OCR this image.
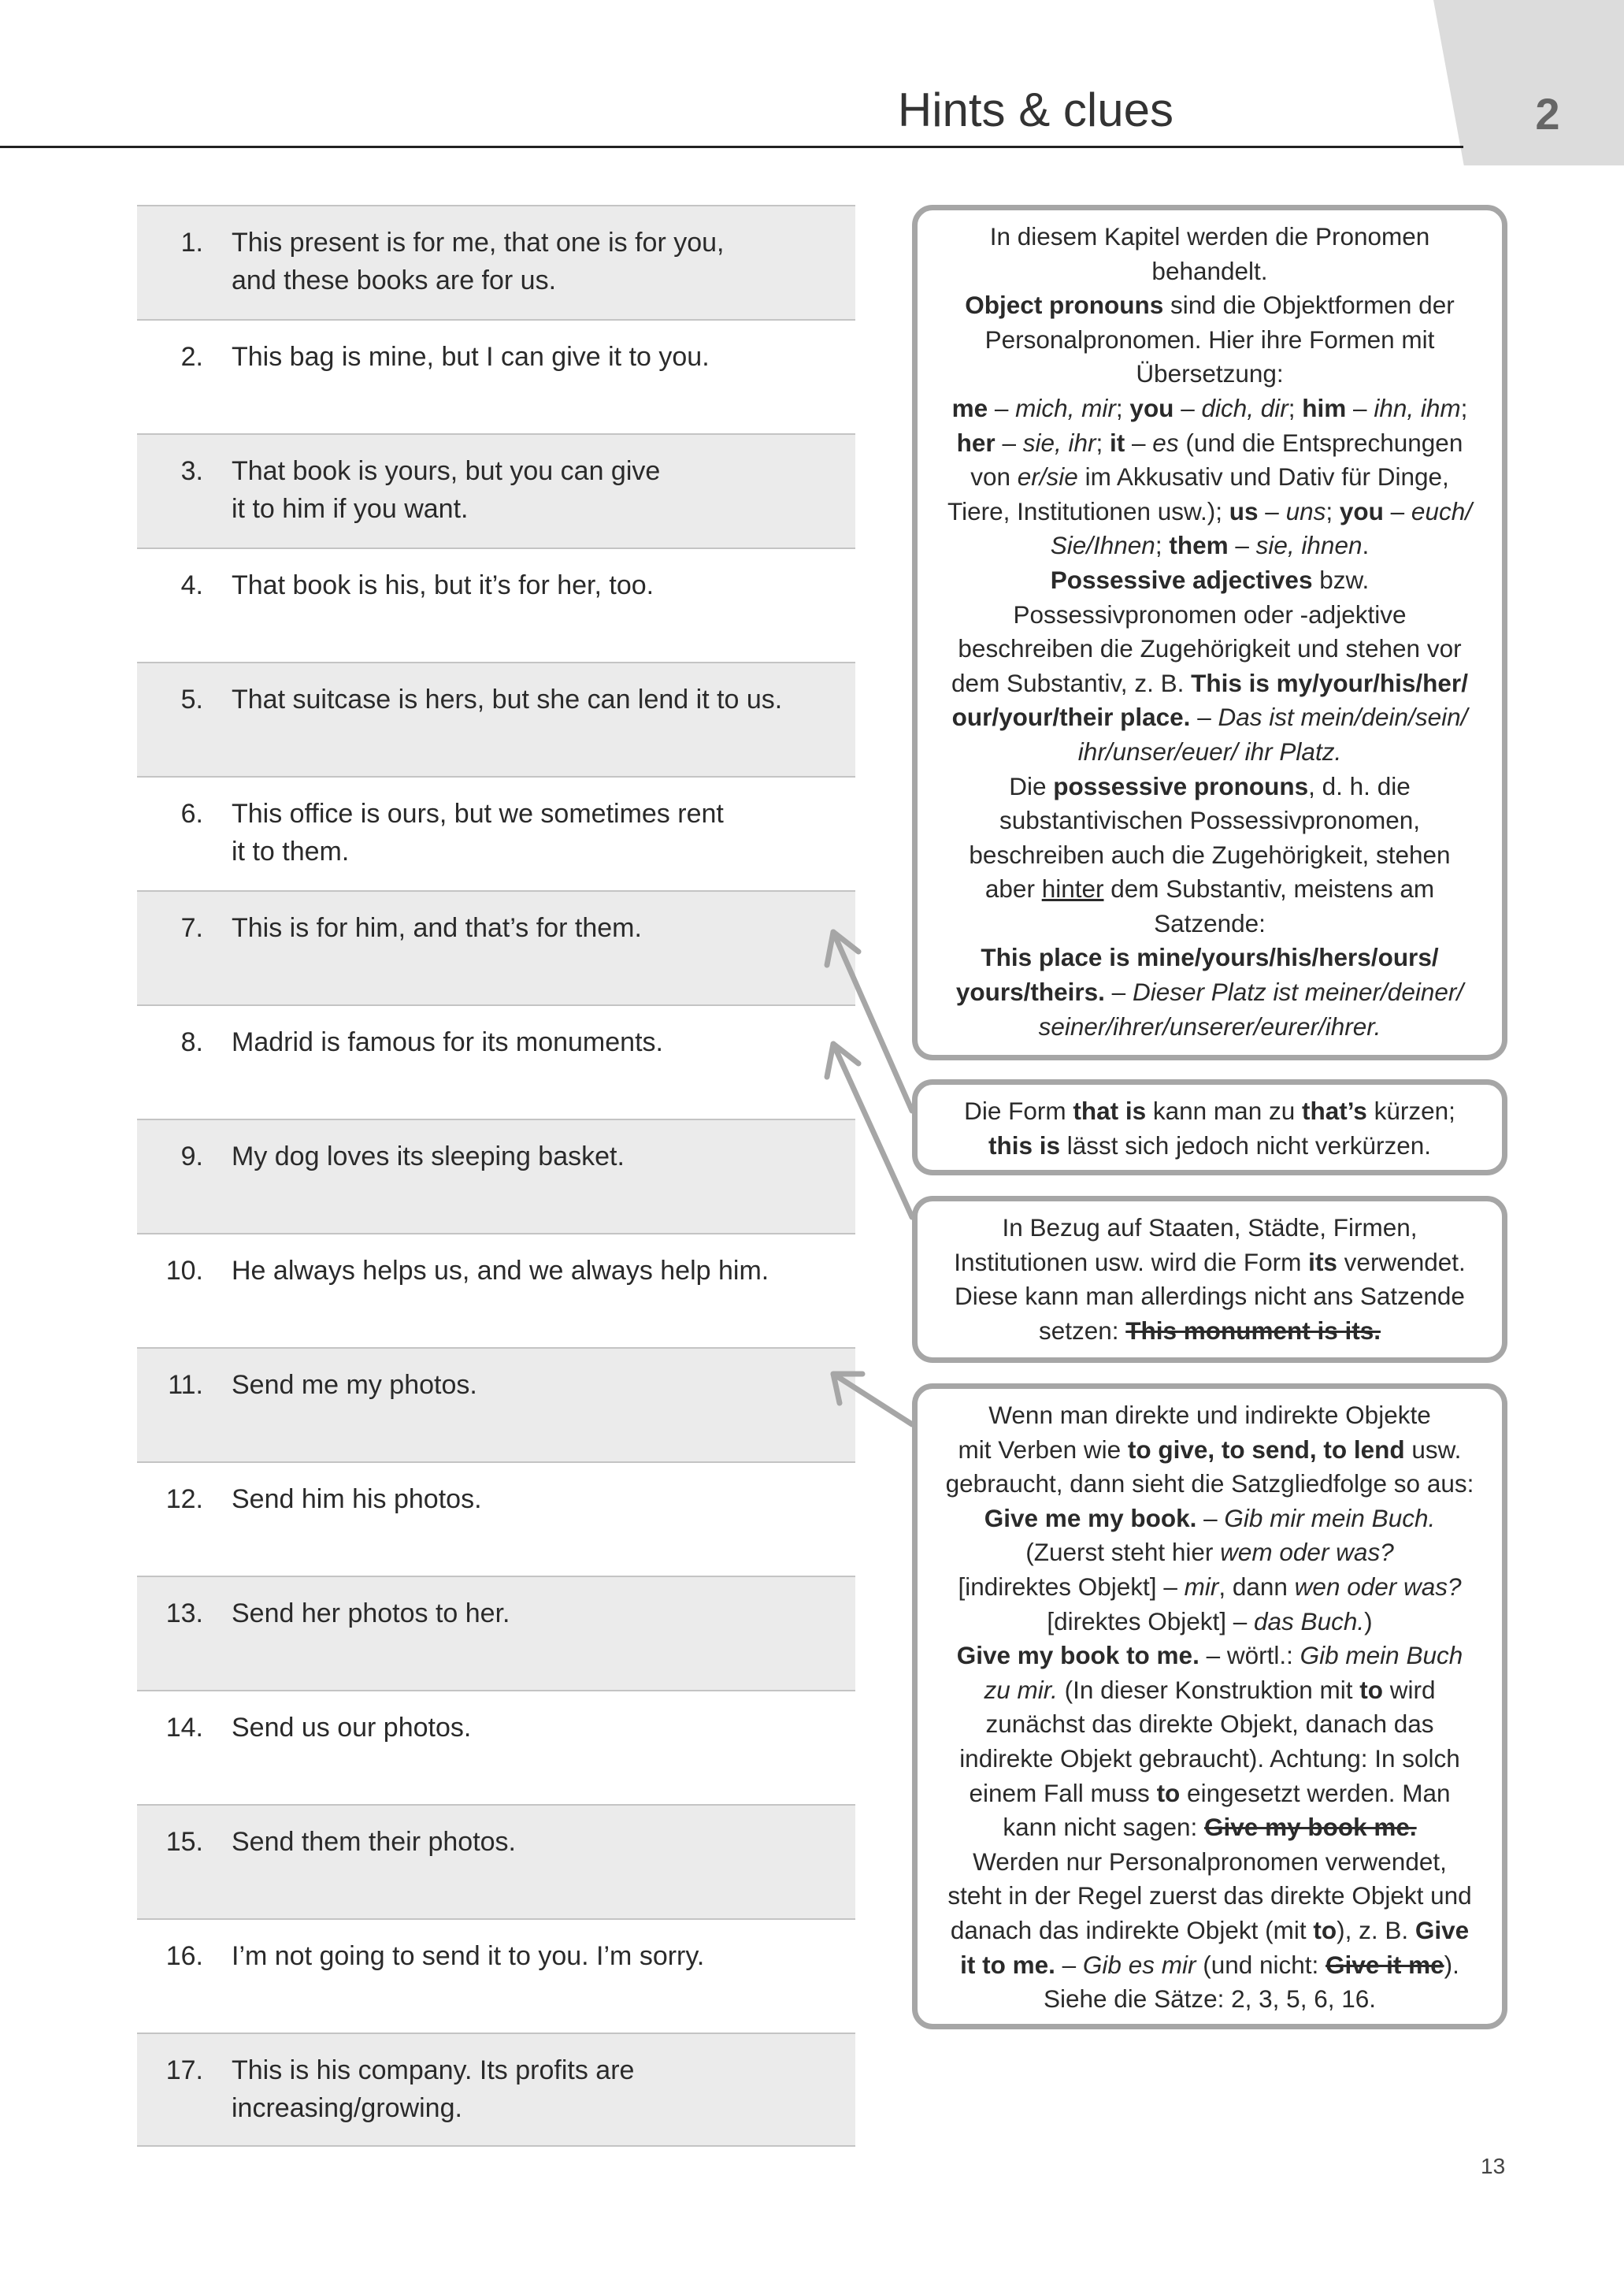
2
Hints & clues
1. This present is for me, that one is for you,
and these books are for us.
2. This bag is mine, but I can give it to you.
3. That book is yours, but you can give
it to him if you want.
4. That book is his, but it’s for her, too.
5. That suitcase is hers, but she can lend it to us.
6. This office is ours, but we sometimes rent
it to them.
7. This is for him, and that’s for them.
8. Madrid is famous for its monuments.
9. My dog loves its sleeping basket.
10. He always helps us, and we always help him.
11. Send me my photos.
12. Send him his photos.
13. Send her photos to her.
14. Send us our photos.
15. Send them their photos.
16. I’m not going to send it to you. I’m sorry.
17. This is his company. Its profits are
increasing/growing.
In diesem Kapitel werden die Pronomen
behandelt.
Object pronouns sind die Objektformen der
Personalpronomen. Hier ihre Formen mit
Übersetzung:
me – mich, mir; you – dich, dir; him – ihn, ihm;
her – sie, ihr; it – es (und die Entsprechungen
von er/sie im Akkusativ und Dativ für Dinge,
Tiere, Institutionen usw.); us – uns; you – euch/
Sie/Ihnen; them – sie, ihnen.
Possessive adjectives bzw.
Possessivpronomen oder -adjektive
beschreiben die Zugehörigkeit und stehen vor
dem Substantiv, z. B. This is my/your/his/her/
our/your/their place. – Das ist mein/dein/sein/
ihr/unser/euer/ ihr Platz.
Die possessive pronouns, d. h. die
substantivischen Possessivpronomen,
beschreiben auch die Zugehörigkeit, stehen
aber hinter dem Substantiv, meistens am
Satzende:
This place is mine/yours/his/hers/ours/
yours/theirs. – Dieser Platz ist meiner/deiner/
seiner/ihrer/unserer/eurer/ihrer.
Die Form that is kann man zu that’s kürzen;
this is lässt sich jedoch nicht verkürzen.
In Bezug auf Staaten, Städte, Firmen,
Institutionen usw. wird die Form its verwendet.
Diese kann man allerdings nicht ans Satzende
setzen: This monument is its.
Wenn man direkte und indirekte Objekte
mit Verben wie to give, to send, to lend usw.
gebraucht, dann sieht die Satzgliedfolge so aus:
Give me my book. – Gib mir mein Buch.
(Zuerst steht hier wem oder was?
[indirektes Objekt] – mir, dann wen oder was?
[direktes Objekt] – das Buch.)
Give my book to me. – wörtl.: Gib mein Buch
zu mir. (In dieser Konstruktion mit to wird
zunächst das direkte Objekt, danach das
indirekte Objekt gebraucht). Achtung: In solch
einem Fall muss to eingesetzt werden. Man
kann nicht sagen: Give my book me.
Werden nur Personalpronomen verwendet,
steht in der Regel zuerst das direkte Objekt und
danach das indirekte Objekt (mit to), z. B. Give
it to me. – Gib es mir (und nicht: Give it me).
Siehe die Sätze: 2, 3, 5, 6, 16.
13
